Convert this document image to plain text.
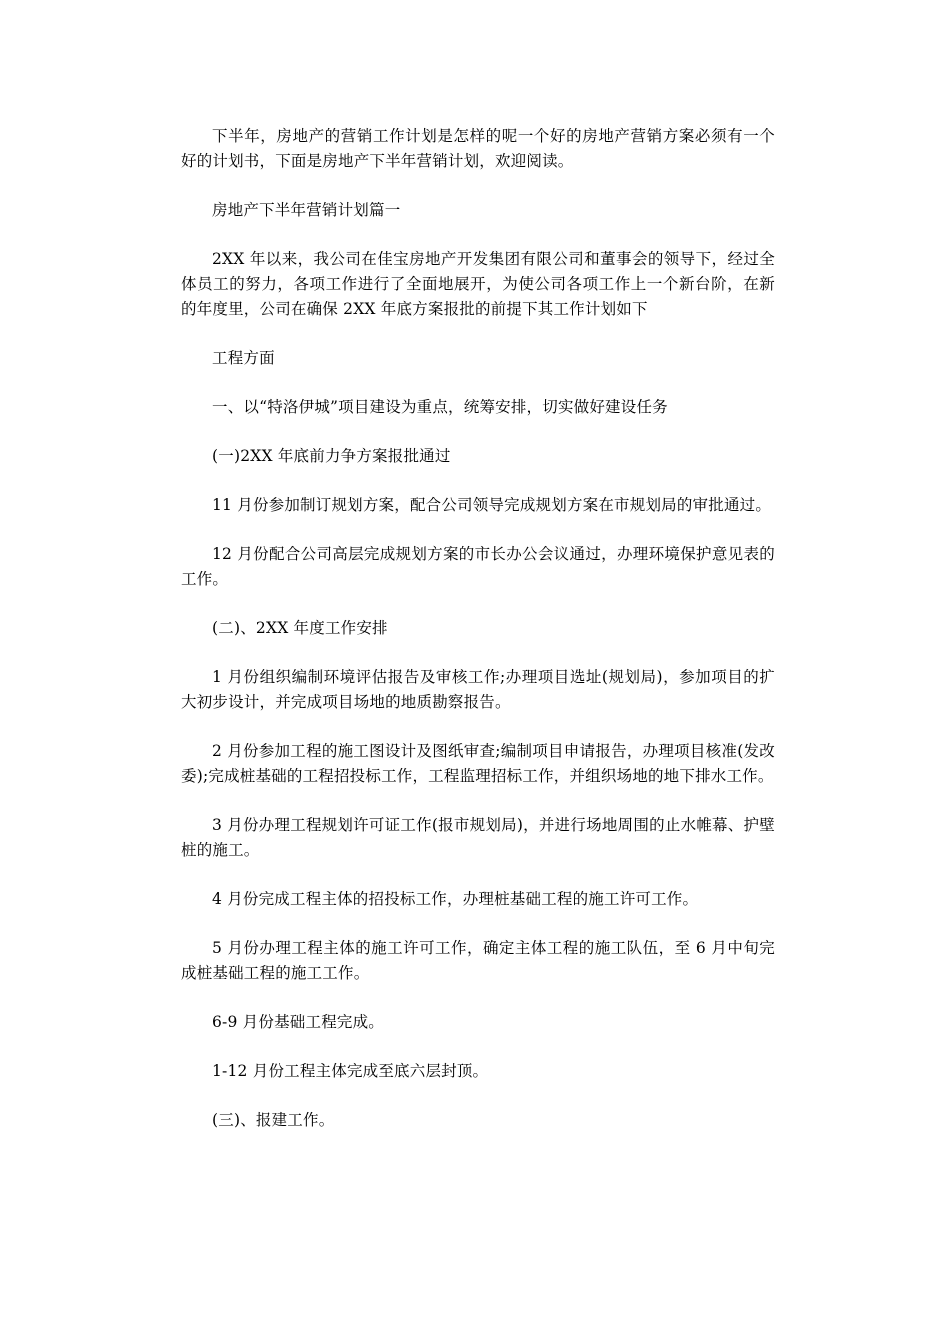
下半年，房地产的营销工作计划是怎样的呢一个好的房地产营销方案必须有一个好的计划书，下面是房地产下半年营销计划，欢迎阅读。

房地产下半年营销计划篇一

2XX 年以来，我公司在佳宝房地产开发集团有限公司和董事会的领导下，经过全体员工的努力，各项工作进行了全面地展开，为使公司各项工作上一个新台阶，在新的年度里，公司在确保 2XX 年底方案报批的前提下其工作计划如下

工程方面

一、以“特洛伊城”项目建设为重点，统筹安排，切实做好建设任务

(一)2XX 年底前力争方案报批通过

11 月份参加制订规划方案，配合公司领导完成规划方案在市规划局的审批通过。

12 月份配合公司高层完成规划方案的市长办公会议通过，办理环境保护意见表的工作。

(二)、2XX 年度工作安排

1 月份组织编制环境评估报告及审核工作;办理项目选址(规划局)，参加项目的扩大初步设计，并完成项目场地的地质勘察报告。

2 月份参加工程的施工图设计及图纸审查;编制项目申请报告，办理项目核准(发改委);完成桩基础的工程招投标工作，工程监理招标工作，并组织场地的地下排水工作。

3 月份办理工程规划许可证工作(报市规划局)，并进行场地周围的止水帷幕、护壁桩的施工。

4 月份完成工程主体的招投标工作，办理桩基础工程的施工许可工作。

5 月份办理工程主体的施工许可工作，确定主体工程的施工队伍，至 6 月中旬完成桩基础工程的施工工作。

6-9 月份基础工程完成。

1-12 月份工程主体完成至底六层封顶。

(三)、报建工作。
